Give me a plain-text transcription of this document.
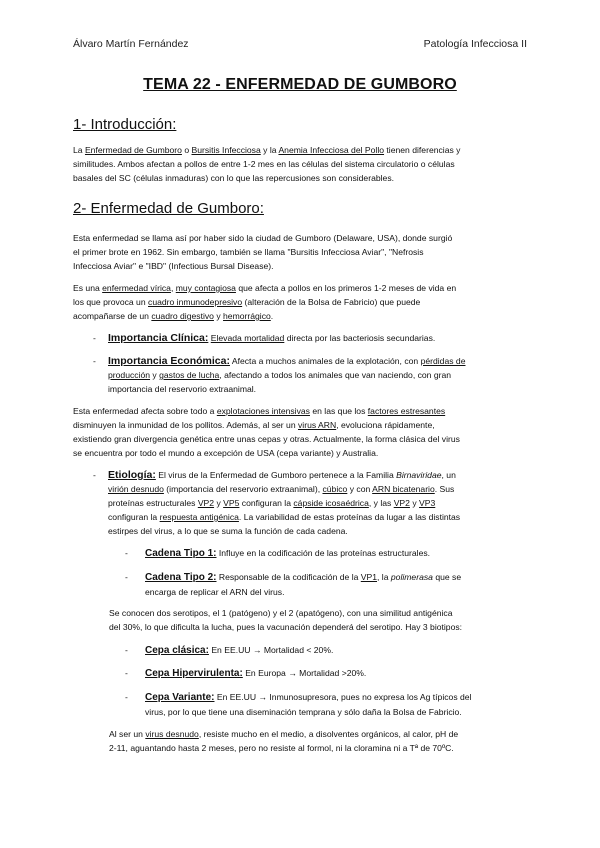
Álvaro Martín Fernández	Patología Infecciosa II
TEMA 22 - ENFERMEDAD DE GUMBORO
1- Introducción:
La Enfermedad de Gumboro o Bursitis Infecciosa y la Anemia Infecciosa del Pollo tienen diferencias y
similitudes. Ambos afectan a pollos de entre 1-2 mes en las células del sistema circulatorio o células
basales del SC (células inmaduras) con lo que las repercusiones son considerables.
2- Enfermedad de Gumboro:
Esta enfermedad se llama así por haber sido la ciudad de Gumboro (Delaware, USA), donde surgió
el primer brote en 1962. Sin embargo, también se llama "Bursitis Infecciosa Aviar", "Nefrosis
Infecciosa Aviar" e "IBD" (Infectious Bursal Disease).
Es una enfermedad vírica, muy contagiosa que afecta a pollos en los primeros 1-2 meses de vida en
los que provoca un cuadro inmunodepresivo (alteración de la Bolsa de Fabricio) que puede
acompañarse de un cuadro digestivo y hemorrágico.
- Importancia Clínica: Elevada mortalidad directa por las bacteriosis secundarias.
- Importancia Económica: Afecta a muchos animales de la explotación, con pérdidas de
producción y gastos de lucha, afectando a todos los animales que van naciendo, con gran
importancia del reservorio extraanimal.
Esta enfermedad afecta sobre todo a explotaciones intensivas en las que los factores estresantes
disminuyen la inmunidad de los pollitos. Además, al ser un virus ARN, evoluciona rápidamente,
existiendo gran divergencia genética entre unas cepas y otras. Actualmente, la forma clásica del virus
se encuentra por todo el mundo a excepción de USA (cepa variante) y Australia.
- Etiología: El virus de la Enfermedad de Gumboro pertenece a la Familia Birnaviridae, un
virión desnudo (importancia del reservorio extraanimal), cúbico y con ARN bicatenario. Sus
proteínas estructurales VP2 y VP5 configuran la cápside icosaédrica, y las VP2 y VP3
configuran la respuesta antigénica. La variabilidad de estas proteínas da lugar a las distintas
estirpes del virus, a lo que se suma la función de cada cadena.
- Cadena Tipo 1: Influye en la codificación de las proteínas estructurales.
- Cadena Tipo 2: Responsable de la codificación de la VP1, la polimerasa que se
encarga de replicar el ARN del virus.
Se conocen dos serotipos, el 1 (patógeno) y el 2 (apatógeno), con una similitud antigénica
del 30%, lo que dificulta la lucha, pues la vacunación dependerá del serotipo. Hay 3 biotipos:
- Cepa clásica: En EE.UU → Mortalidad < 20%.
- Cepa Hipervirulenta: En Europa → Mortalidad >20%.
- Cepa Variante: En EE.UU → Inmunosupresora, pues no expresa los Ag típicos del
virus, por lo que tiene una diseminación temprana y sólo daña la Bolsa de Fabricio.
Al ser un virus desnudo, resiste mucho en el medio, a disolventes orgánicos, al calor, pH de
2-11, aguantando hasta 2 meses, pero no resiste al formol, ni la cloramina ni a Tª de 70ºC.
